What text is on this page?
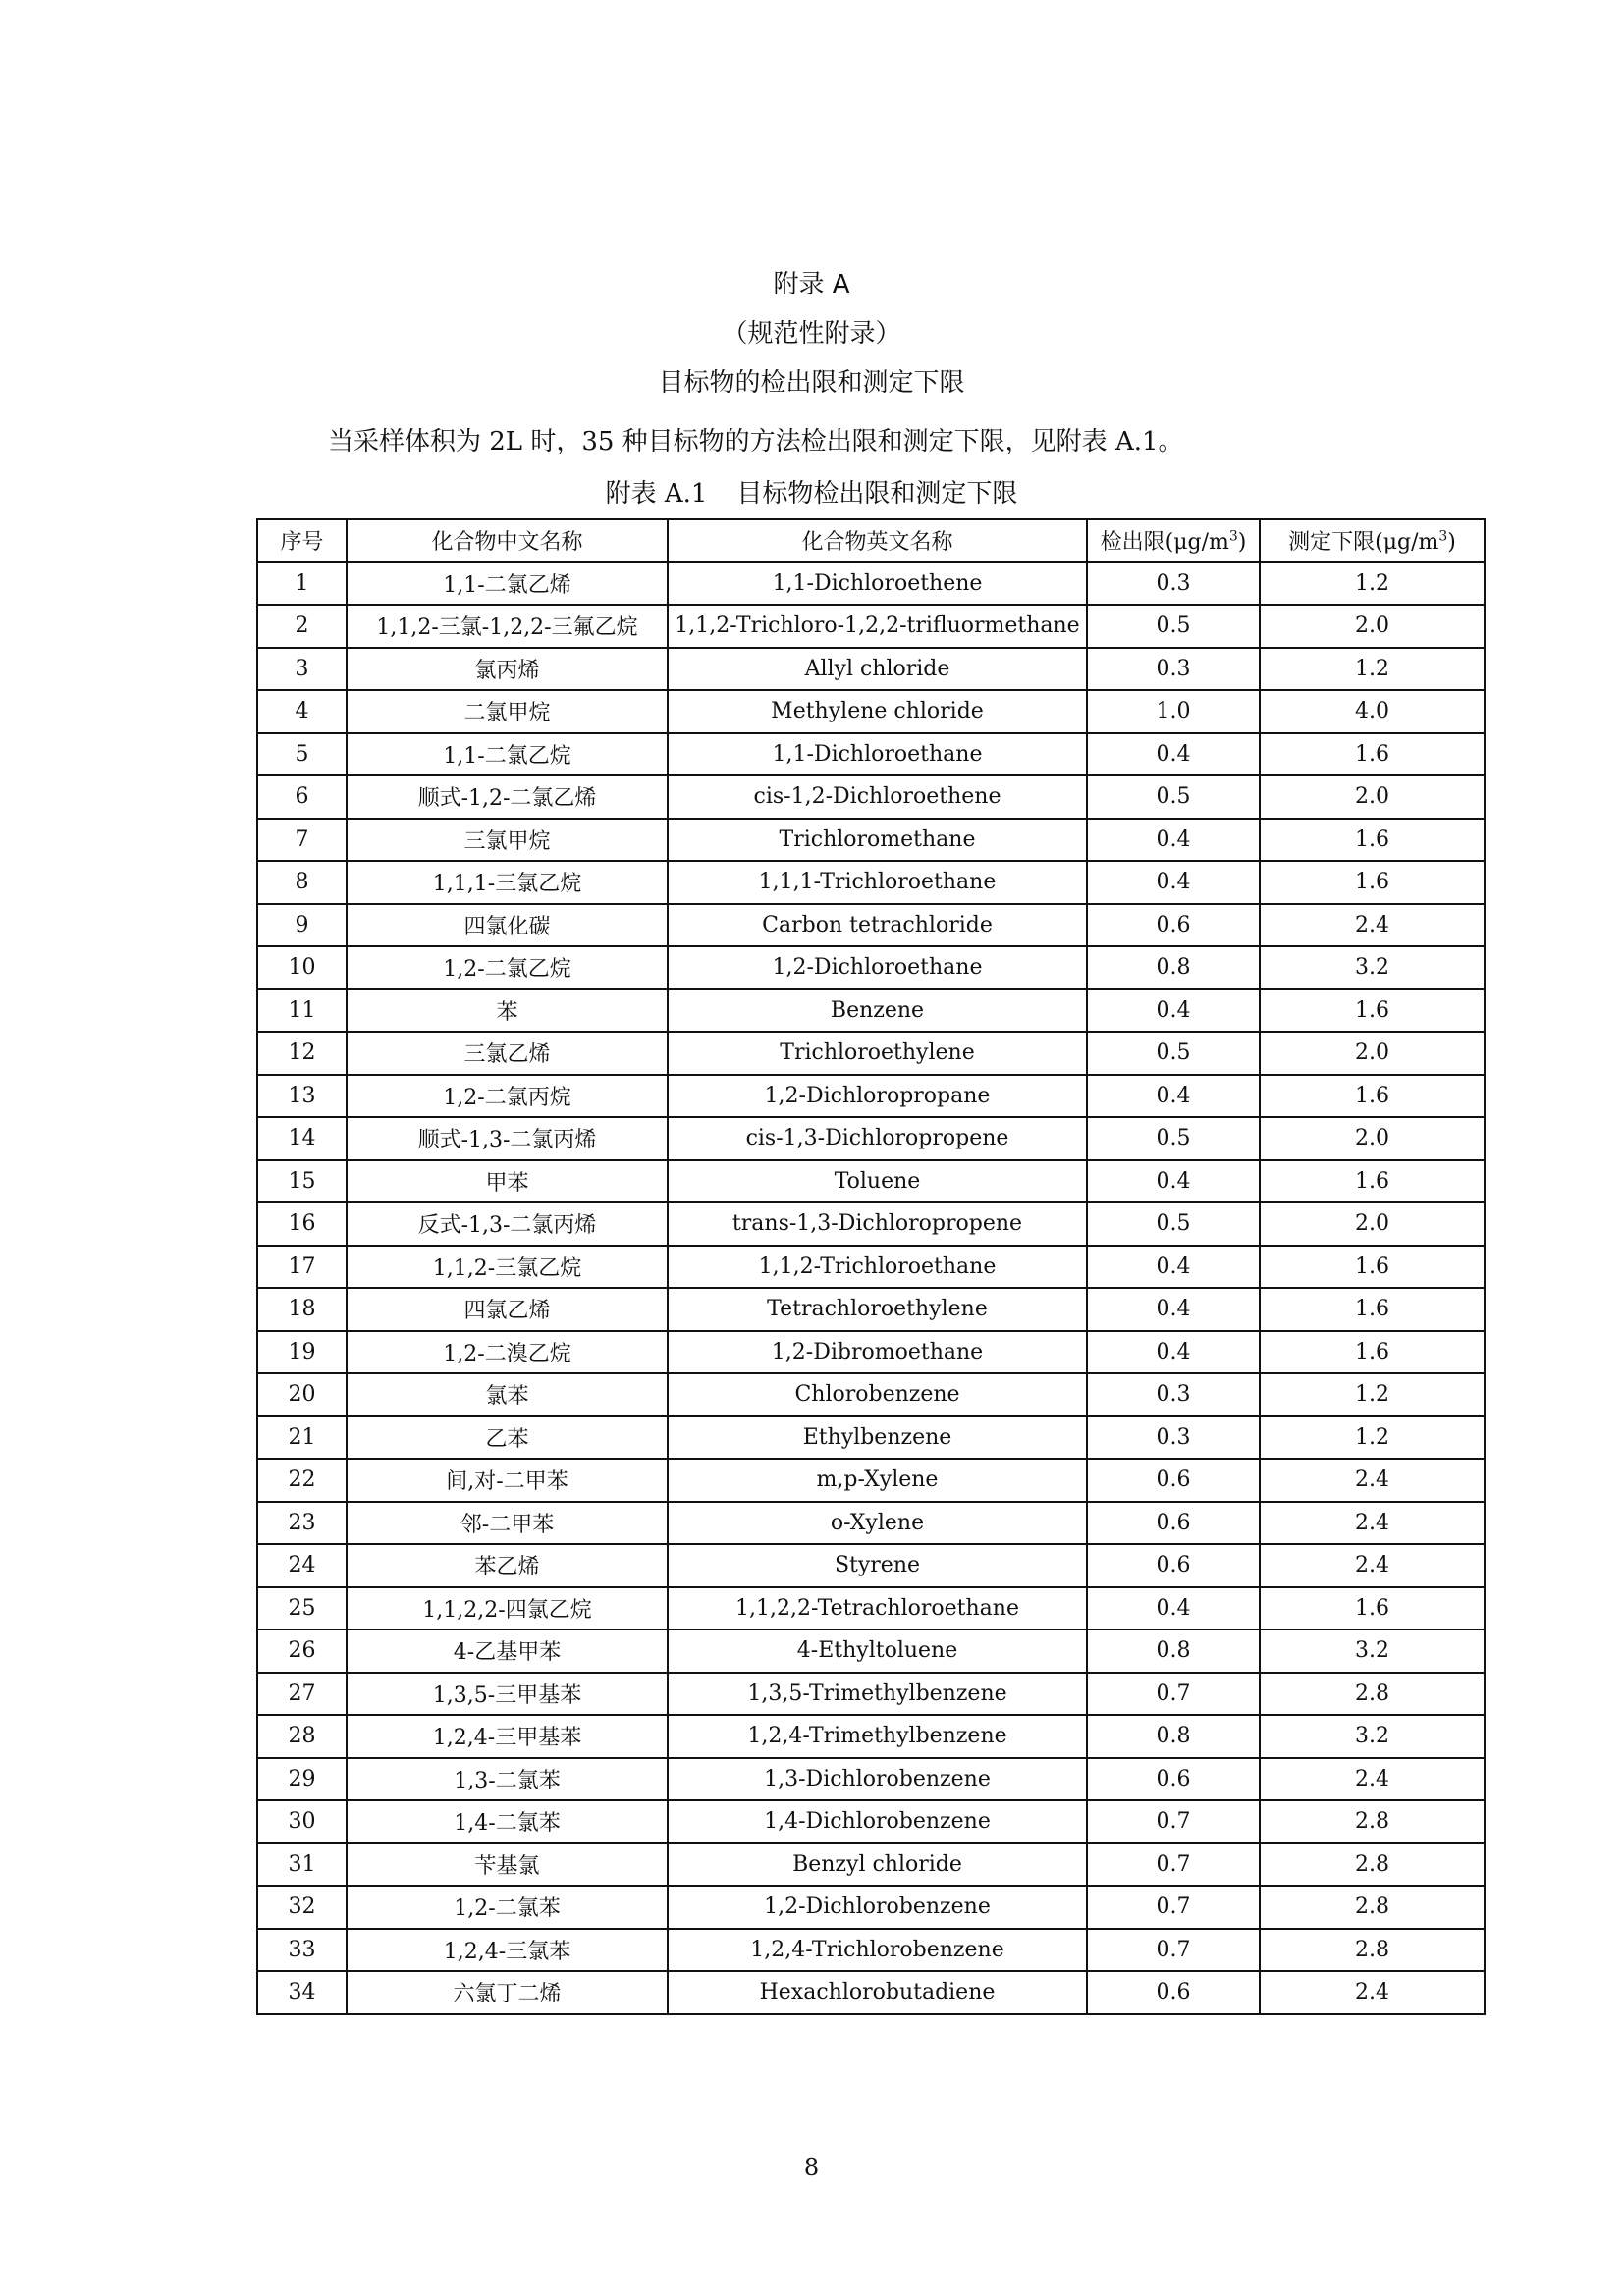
附录 A
（规范性附录）
目标物的检出限和测定下限
当采样体积为 2L 时，35 种目标物的方法检出限和测定下限，见附表 A.1。
附表 A.1 目标物检出限和测定下限
序号	化合物中文名称	化合物英文名称	检出限$(\mu g/m^3)$	测定下限$(\mu g/m^3)$
1	1,1-二氯乙烯	1,1-Dichloroethene	0.3	1.2
2	1,1,2-三氯-1,2,2-三氟乙烷	1,1,2-Trichloro-1,2,2-trifluormethane	0.5	2.0
3	氯丙烯	Allyl chloride	0.3	1.2
4	二氯甲烷	Methylene chloride	1.0	4.0
5	1,1-二氯乙烷	1,1-Dichloroethane	0.4	1.6
6	顺式-1,2-二氯乙烯	cis-1,2-Dichloroethene	0.5	2.0
7	三氯甲烷	Trichloromethane	0.4	1.6
8	1,1,1-三氯乙烷	1,1,1-Trichloroethane	0.4	1.6
9	四氯化碳	Carbon tetrachloride	0.6	2.4
10	1,2-二氯乙烷	1,2-Dichloroethane	0.8	3.2
11	苯	Benzene	0.4	1.6
12	三氯乙烯	Trichloroethylene	0.5	2.0
13	1,2-二氯丙烷	1,2-Dichloropropane	0.4	1.6
14	顺式-1,3-二氯丙烯	cis-1,3-Dichloropropene	0.5	2.0
15	甲苯	Toluene	0.4	1.6
16	反式-1,3-二氯丙烯	trans-1,3-Dichloropropene	0.5	2.0
17	1,1,2-三氯乙烷	1,1,2-Trichloroethane	0.4	1.6
18	四氯乙烯	Tetrachloroethylene	0.4	1.6
19	1,2-二溴乙烷	1,2-Dibromoethane	0.4	1.6
20	氯苯	Chlorobenzene	0.3	1.2
21	乙苯	Ethylbenzene	0.3	1.2
22	间,对-二甲苯	m,p-Xylene	0.6	2.4
23	邻-二甲苯	o-Xylene	0.6	2.4
24	苯乙烯	Styrene	0.6	2.4
25	1,1,2,2-四氯乙烷	1,1,2,2-Tetrachloroethane	0.4	1.6
26	4-乙基甲苯	4-Ethyltoluene	0.8	3.2
27	1,3,5-三甲基苯	1,3,5-Trimethylbenzene	0.7	2.8
28	1,2,4-三甲基苯	1,2,4-Trimethylbenzene	0.8	3.2
29	1,3-二氯苯	1,3-Dichlorobenzene	0.6	2.4
30	1,4-二氯苯	1,4-Dichlorobenzene	0.7	2.8
31	苄基氯	Benzyl chloride	0.7	2.8
32	1,2-二氯苯	1,2-Dichlorobenzene	0.7	2.8
33	1,2,4-三氯苯	1,2,4-Trichlorobenzene	0.7	2.8
34	六氯丁二烯	Hexachlorobutadiene	0.6	2.4
8
